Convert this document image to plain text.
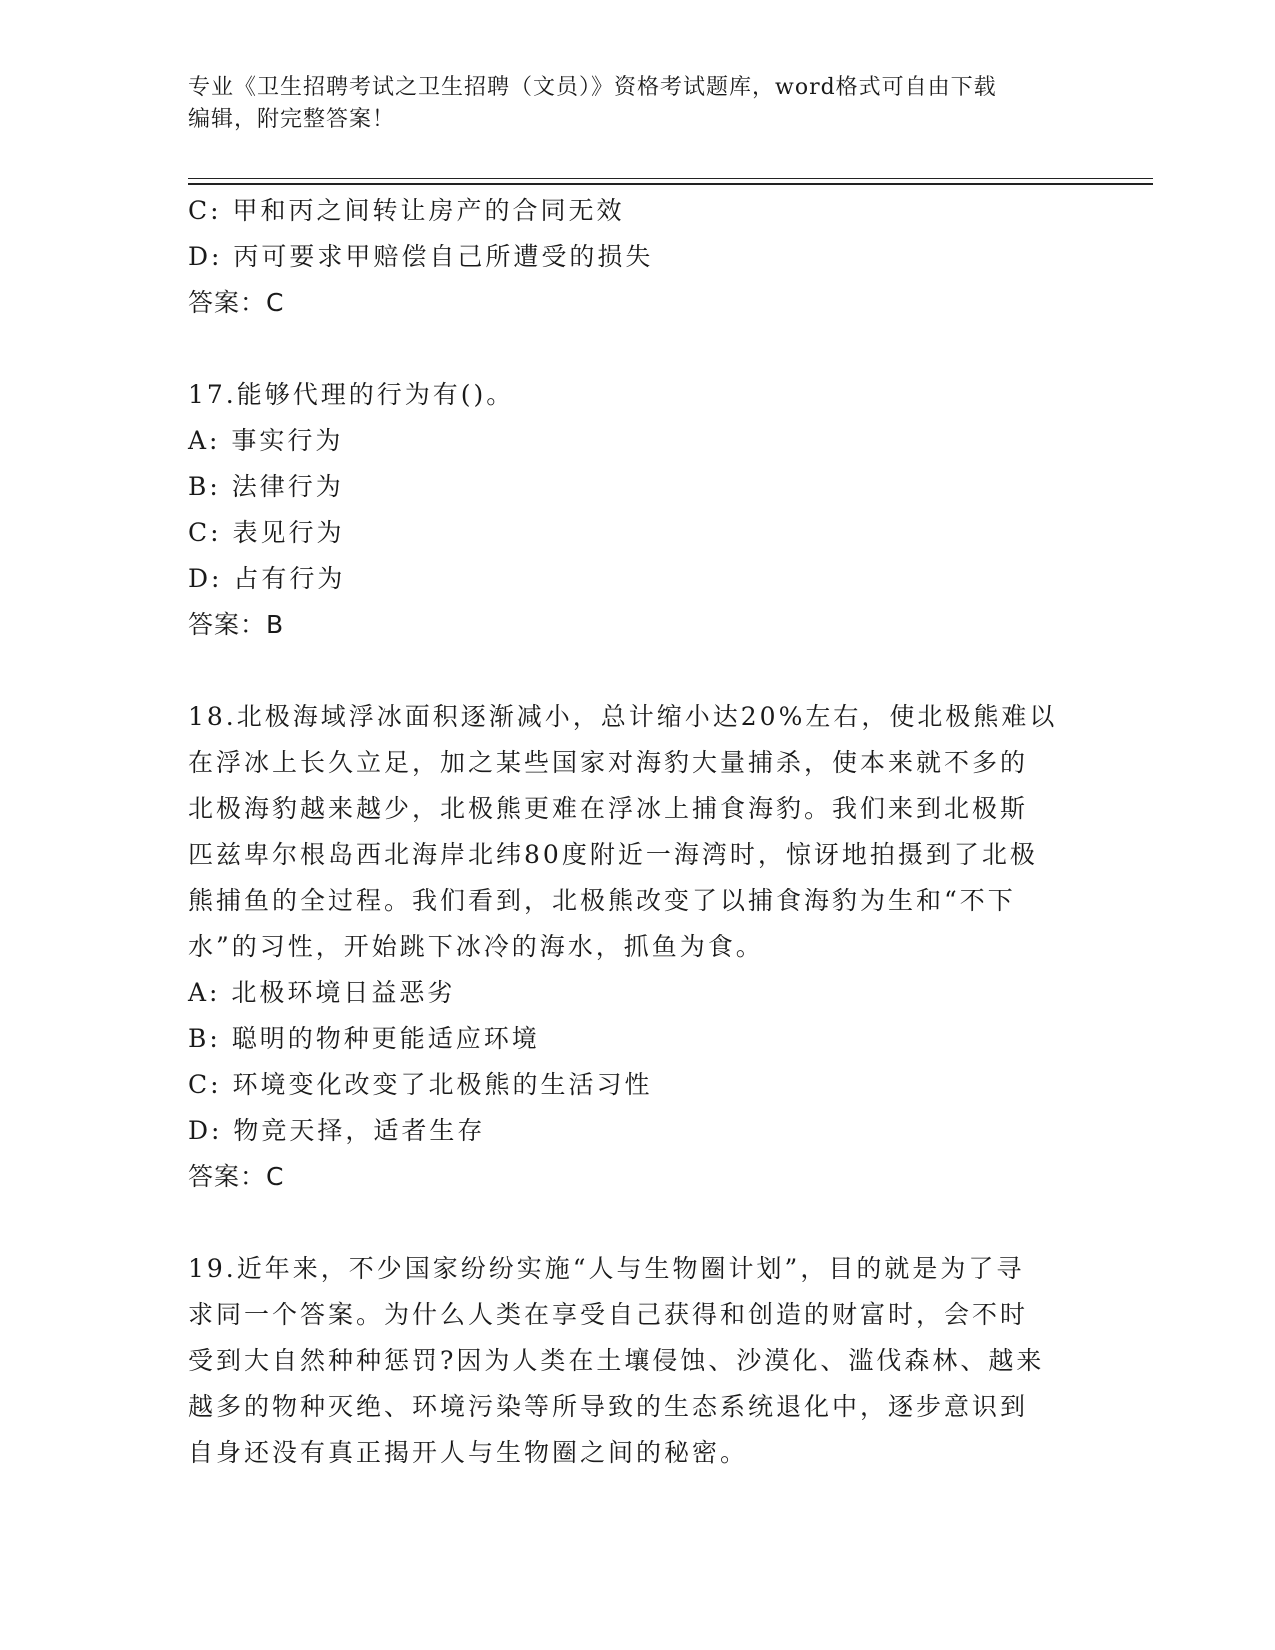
专业《卫生招聘考试之卫生招聘（文员）》资格考试题库，word格式可自由下载
编辑，附完整答案！
C: 甲和丙之间转让房产的合同无效
D: 丙可要求甲赔偿自己所遭受的损失
答案：C
17.能够代理的行为有()。
A: 事实行为
B: 法律行为
C: 表见行为
D: 占有行为
答案：B
18.北极海域浮冰面积逐渐减小，总计缩小达20%左右，使北极熊难以
在浮冰上长久立足，加之某些国家对海豹大量捕杀，使本来就不多的
北极海豹越来越少，北极熊更难在浮冰上捕食海豹。我们来到北极斯
匹兹卑尔根岛西北海岸北纬80度附近一海湾时，惊讶地拍摄到了北极
熊捕鱼的全过程。我们看到，北极熊改变了以捕食海豹为生和“不下
水”的习性，开始跳下冰冷的海水，抓鱼为食。
A: 北极环境日益恶劣
B: 聪明的物种更能适应环境
C: 环境变化改变了北极熊的生活习性
D: 物竞天择，适者生存
答案：C
19.近年来，不少国家纷纷实施“人与生物圈计划”，目的就是为了寻
求同一个答案。为什么人类在享受自己获得和创造的财富时，会不时
受到大自然种种惩罚?因为人类在土壤侵蚀、沙漠化、滥伐森林、越来
越多的物种灭绝、环境污染等所导致的生态系统退化中，逐步意识到
自身还没有真正揭开人与生物圈之间的秘密。
